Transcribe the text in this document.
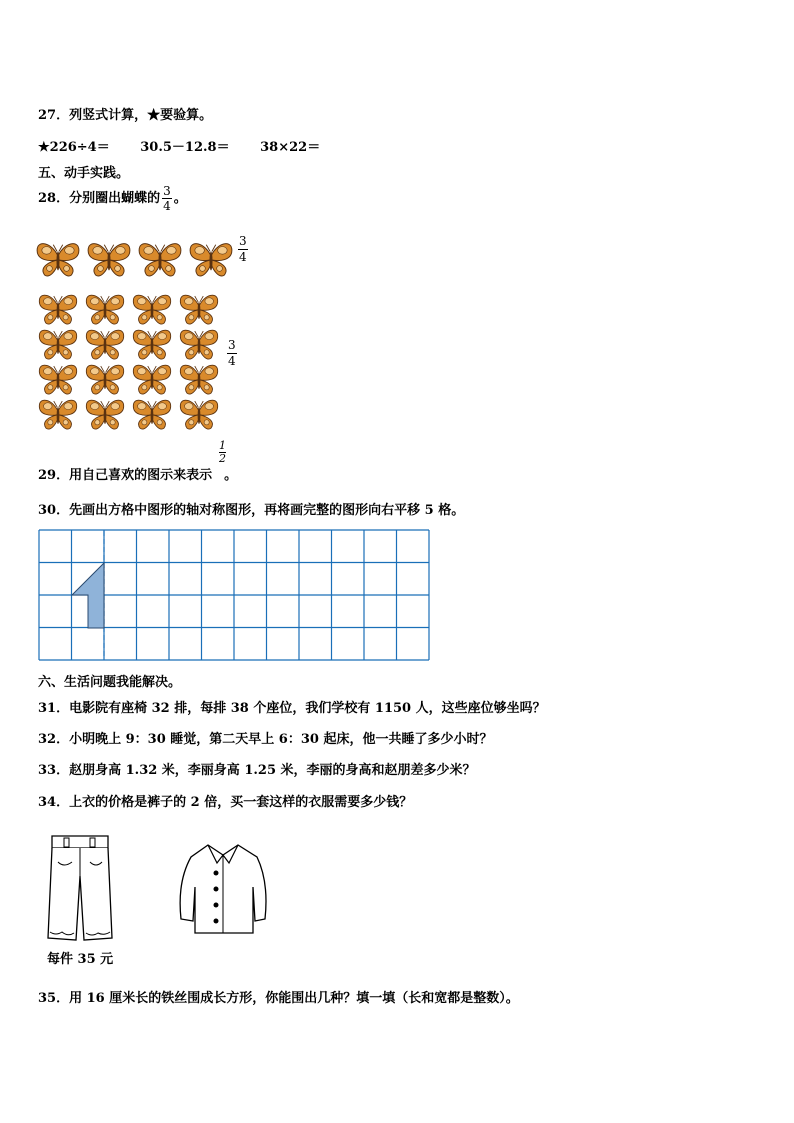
27．列竖式计算，★要验算。
★226÷4＝ 30.5－12.8＝ 38×22＝
五、动手实践。
28．分别圈出蝴蝶的 $\frac{3}{4}$ 。
$\frac{3}{4}$
$\frac{3}{4}$
$\frac{1}{2}$
29．用自己喜欢的图示来表示 。
30．先画出方格中图形的轴对称图形，再将画完整的图形向右平移 5 格。
六、生活问题我能解决。
31．电影院有座椅 32 排，每排 38 个座位，我们学校有 1150 人，这些座位够坐吗？
32．小明晚上 9：30 睡觉，第二天早上 6：30 起床，他一共睡了多少小时？
33．赵朋身高 1.32 米，李丽身高 1.25 米，李丽的身高和赵朋差多少米？
34．上衣的价格是裤子的 2 倍，买一套这样的衣服需要多少钱？
每件 35 元
35．用 16 厘米长的铁丝围成长方形，你能围出几种？填一填（长和宽都是整数）。
